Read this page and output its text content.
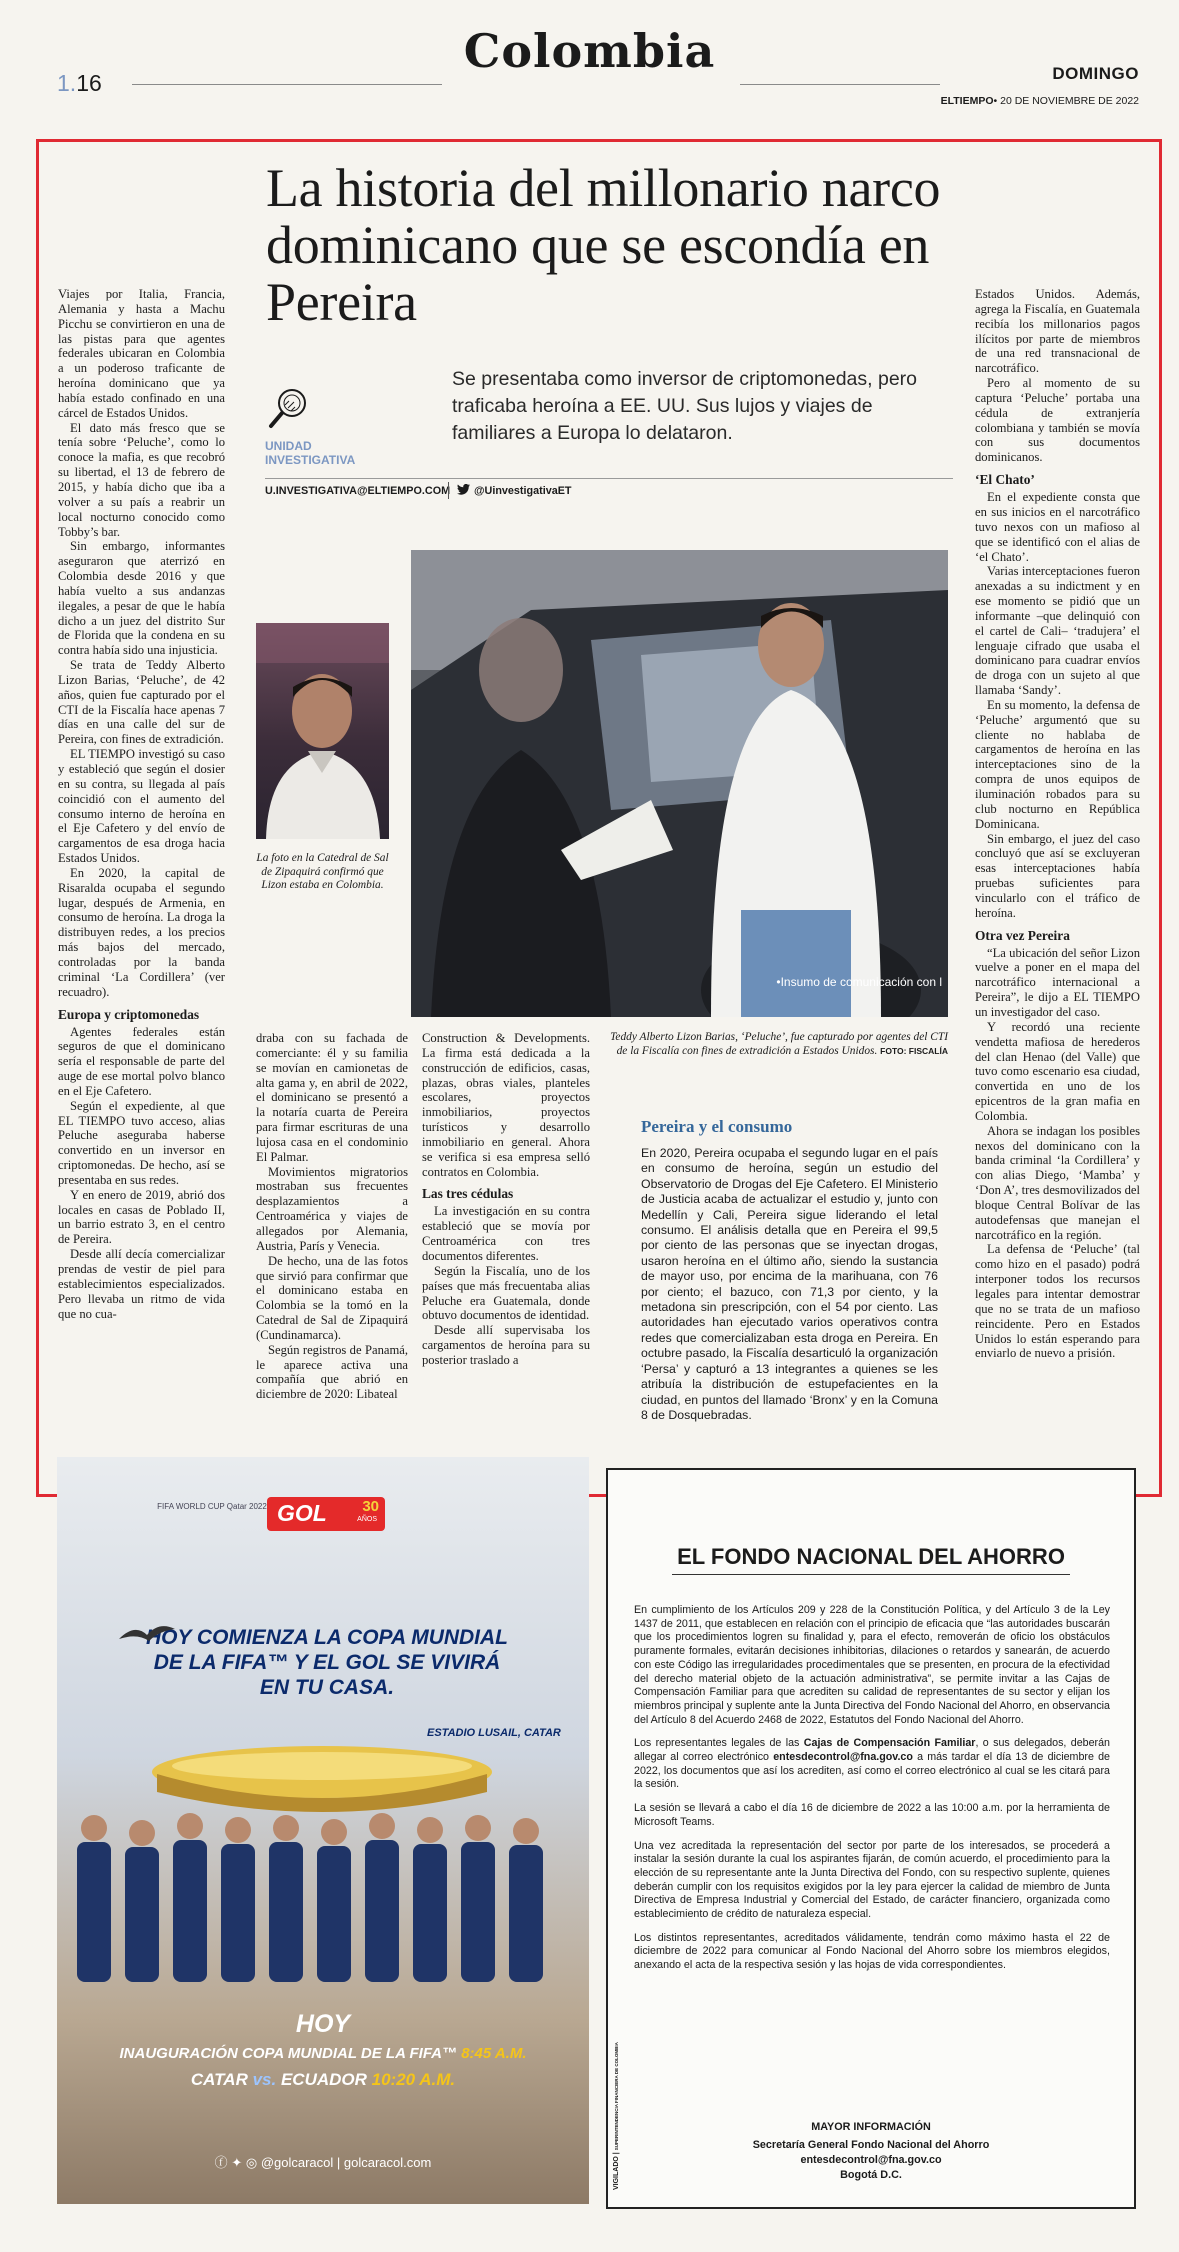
1.16
Colombia	DOMINGO
ELTIEMPO• 20 DE NOVIEMBRE DE 2022
La historia del millonario narco dominicano que se escondía en Pereira
UNIDAD
INVESTIGATIVA

Se presentaba como inversor de criptomonedas, pero traficaba heroína a EE. UU. Sus lujos y viajes de familiares a Europa lo delataron.

U.INVESTIGATIVA@ELTIEMPO.COM	@UinvestigativaET

Viajes por Italia, Francia, Alemania y hasta a Machu Picchu se convirtieron en una de las pistas para que agentes federales ubicaran en Colombia a un poderoso traficante de heroína dominicano que ya había estado confinado en una cárcel de Estados Unidos.

El dato más fresco que se tenía sobre ‘Peluche’, como lo conoce la mafia, es que recobró su libertad, el 13 de febrero de 2015, y había dicho que iba a volver a su país a reabrir un local nocturno conocido como Tobby’s bar.

Sin embargo, informantes aseguraron que aterrizó en Colombia desde 2016 y que había vuelto a sus andanzas ilegales, a pesar de que le había dicho a un juez del distrito Sur de Florida que la condena en su contra había sido una injusticia.

Se trata de Teddy Alberto Lizon Barias, ‘Peluche’, de 42 años, quien fue capturado por el CTI de la Fiscalía hace apenas 7 días en una calle del sur de Pereira, con fines de extradición.

EL TIEMPO investigó su caso y estableció que según el dosier en su contra, su llegada al país coincidió con el aumento del consumo interno de heroína en el Eje Cafetero y del envío de cargamentos de esa droga hacia Estados Unidos.

En 2020, la capital de Risaralda ocupaba el segundo lugar, después de Armenia, en consumo de heroína. La droga la distribuyen redes, a los precios más bajos del mercado, controladas por la banda criminal ‘La Cordillera’ (ver recuadro).

Europa y criptomonedas

Agentes federales están seguros de que el dominicano sería el responsable de parte del auge de ese mortal polvo blanco en el Eje Cafetero.

Según el expediente, al que EL TIEMPO tuvo acceso, alias Peluche aseguraba haberse convertido en un inversor en criptomonedas. De hecho, así se presentaba en sus redes.

Y en enero de 2019, abrió dos locales en casas de Poblado II, un barrio estrato 3, en el centro de Pereira.

Desde allí decía comercializar prendas de vestir de piel para establecimientos especializados. Pero llevaba un ritmo de vida que no cua-

La foto en la Catedral de Sal de Zipaquirá confirmó que Lizon estaba en Colombia.
•Insumo de comunicación con l
Teddy Alberto Lizon Barias, ‘Peluche’, fue capturado por agentes del CTI de la Fiscalía con fines de extradición a Estados Unidos. FOTO: FISCALÍA

draba con su fachada de comerciante: él y su familia se movían en camionetas de alta gama y, en abril de 2022, el dominicano se presentó a la notaría cuarta de Pereira para firmar escrituras de una lujosa casa en el condominio El Palmar.

Movimientos migratorios mostraban sus frecuentes desplazamientos a Centroamérica y viajes de allegados por Alemania, Austria, París y Venecia.

De hecho, una de las fotos que sirvió para confirmar que el dominicano estaba en Colombia se la tomó en la Catedral de Sal de Zipaquirá (Cundinamarca).

Según registros de Panamá, le aparece activa una compañía que abrió en diciembre de 2020: Libateal

Construction & Developments. La firma está dedicada a la construcción de edificios, casas, plazas, obras viales, planteles escolares, proyectos inmobiliarios, proyectos turísticos y desarrollo inmobiliario en general. Ahora se verifica si esa empresa selló contratos en Colombia.

Las tres cédulas

La investigación en su contra estableció que se movía por Centroamérica con tres documentos diferentes.

Según la Fiscalía, uno de los países que más frecuentaba alias Peluche era Guatemala, donde obtuvo documentos de identidad.

Desde allí supervisaba los cargamentos de heroína para su posterior traslado a

Pereira y el consumo
En 2020, Pereira ocupaba el segundo lugar en el país en consumo de heroína, según un estudio del Observatorio de Drogas del Eje Cafetero. El Ministerio de Justicia acaba de actualizar el estudio y, junto con Medellín y Cali, Pereira sigue liderando el letal consumo. El análisis detalla que en Pereira el 99,5 por ciento de las personas que se inyectan drogas, usaron heroína en el último año, siendo la sustancia de mayor uso, por encima de la marihuana, con 76 por ciento; el bazuco, con 71,3 por ciento, y la metadona sin prescripción, con el 54 por ciento. Las autoridades han ejecutado varios operativos contra redes que comercializaban esta droga en Pereira. En octubre pasado, la Fiscalía desarticuló la organización ‘Persa’ y capturó a 13 integrantes a quienes se les atribuía la distribución de estupefacientes en la ciudad, en puntos del llamado ‘Bronx’ y en la Comuna 8 de Dosquebradas.

Estados Unidos. Además, agrega la Fiscalía, en Guatemala recibía los millonarios pagos ilícitos por parte de miembros de una red transnacional de narcotráfico.

Pero al momento de su captura ‘Peluche’ portaba una cédula de extranjería colombiana y también se movía con sus documentos dominicanos.

‘El Chato’

En el expediente consta que en sus inicios en el narcotráfico tuvo nexos con un mafioso al que se identificó con el alias de ‘el Chato’.

Varias interceptaciones fueron anexadas a su indictment y en ese momento se pidió que un informante –que delinquió con el cartel de Cali– ‘tradujera’ el lenguaje cifrado que usaba el dominicano para cuadrar envíos de droga con un sujeto al que llamaba ‘Sandy’.

En su momento, la defensa de ‘Peluche’ argumentó que su cliente no hablaba de cargamentos de heroína en las interceptaciones sino de la compra de unos equipos de iluminación robados para su club nocturno en República Dominicana.

Sin embargo, el juez del caso concluyó que así se excluyeran esas interceptaciones había pruebas suficientes para vincularlo con el tráfico de heroína.

Otra vez Pereira

“La ubicación del señor Lizon vuelve a poner en el mapa del narcotráfico internacional a Pereira”, le dijo a EL TIEMPO un investigador del caso.

Y recordó una reciente vendetta mafiosa de herederos del clan Henao (del Valle) que tuvo como escenario esa ciudad, convertida en uno de los epicentros de la gran mafia en Colombia.

Ahora se indagan los posibles nexos del dominicano con la banda criminal ‘la Cordillera’ y con alias Diego, ‘Mamba’ y ‘Don A’, tres desmovilizados del bloque Central Bolívar de las autodefensas que manejan el narcotráfico en la región.

La defensa de ‘Peluche’ (tal como hizo en el pasado) podrá interponer todos los recursos legales para intentar demostrar que no se trata de un mafioso reincidente. Pero en Estados Unidos lo están esperando para enviarlo de nuevo a prisión.

FIFA WORLD CUP Qatar 2022 GOL 30
AÑOS
HOY COMIENZA LA COPA MUNDIAL
DE LA FIFA™ Y EL GOL SE VIVIRÁ
EN TU CASA.
ESTADIO LUSAIL, CATAR
HOY
INAUGURACIÓN COPA MUNDIAL DE LA FIFA™ 8:45 A.M.
CATAR vs. ECUADOR 10:20 A.M.
ⓕ ✦ ◎ @golcaracol | golcaracol.com
EL FONDO NACIONAL DEL AHORRO

En cumplimiento de los Artículos 209 y 228 de la Constitución Política, y del Artículo 3 de la Ley 1437 de 2011, que establecen en relación con el principio de eficacia que “las autoridades buscarán que los procedimientos logren su finalidad y, para el efecto, removerán de oficio los obstáculos puramente formales, evitarán decisiones inhibitorias, dilaciones o retardos y sanearán, de acuerdo con este Código las irregularidades procedimentales que se presenten, en procura de la efectividad del derecho material objeto de la actuación administrativa”, se permite invitar a las Cajas de Compensación Familiar para que acrediten su calidad de representantes de su sector y elijan los miembros principal y suplente ante la Junta Directiva del Fondo Nacional del Ahorro, en observancia del Artículo 8 del Acuerdo 2468 de 2022, Estatutos del Fondo Nacional del Ahorro.

Los representantes legales de las Cajas de Compensación Familiar, o sus delegados, deberán allegar al correo electrónico entesdecontrol@fna.gov.co a más tardar el día 13 de diciembre de 2022, los documentos que así los acrediten, así como el correo electrónico al cual se les citará para la sesión.

La sesión se llevará a cabo el día 16 de diciembre de 2022 a las 10:00 a.m. por la herramienta de Microsoft Teams.

Una vez acreditada la representación del sector por parte de los interesados, se procederá a instalar la sesión durante la cual los aspirantes fijarán, de común acuerdo, el procedimiento para la elección de su representante ante la Junta Directiva del Fondo, con su respectivo suplente, quienes deberán cumplir con los requisitos exigidos por la ley para ejercer la calidad de miembro de Junta Directiva de Empresa Industrial y Comercial del Estado, de carácter financiero, organizada como establecimiento de crédito de naturaleza especial.

Los distintos representantes, acreditados válidamente, tendrán como máximo hasta el 22 de diciembre de 2022 para comunicar al Fondo Nacional del Ahorro sobre los miembros elegidos, anexando el acta de la respectiva sesión y las hojas de vida correspondientes.

MAYOR INFORMACIÓN
Secretaría General Fondo Nacional del Ahorro
entesdecontrol@fna.gov.co
Bogotá D.C.
VIGILADO | SUPERINTENDENCIA FINANCIERA DE COLOMBIA
